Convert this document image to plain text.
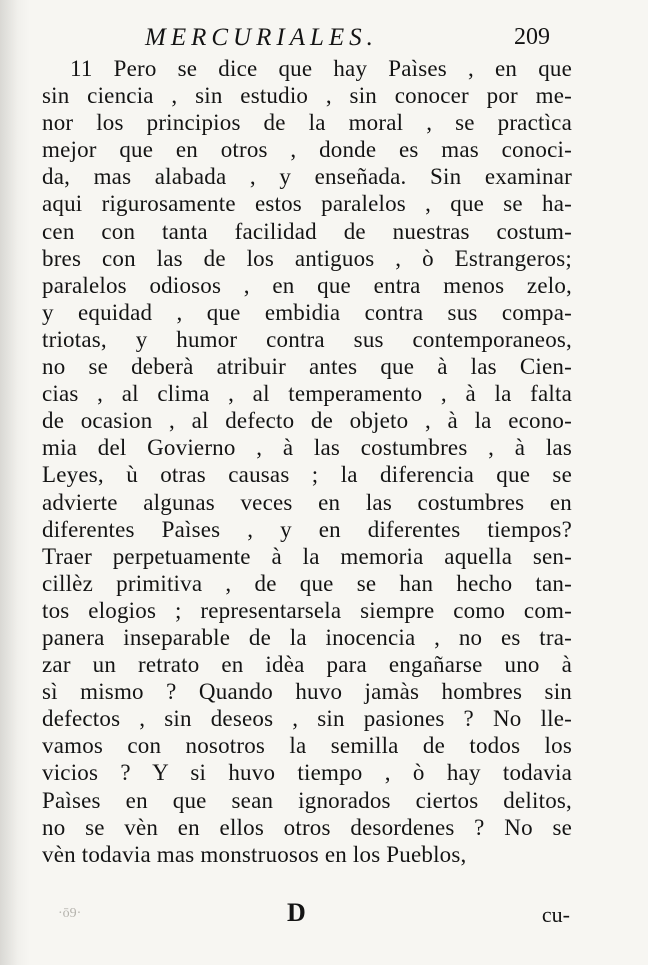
MERCURIALES.	209
11 Pero se dice que hay Paìses , en que
sin ciencia , sin estudio , sin conocer por me-
nor los principios de la moral , se practìca
mejor que en otros , donde es mas conoci-
da, mas alabada , y enseñada. Sin examinar
aqui rigurosamente estos paralelos , que se ha-
cen con tanta facilidad de nuestras costum-
bres con las de los antiguos , ò Estrangeros;
paralelos odiosos , en que entra menos zelo,
y equidad , que embidia contra sus compa-
triotas, y humor contra sus contemporaneos,
no se deberà atribuir antes que à las Cien-
cias , al clima , al temperamento , à la falta
de ocasion , al defecto de objeto , à la econo-
mia del Govierno , à las costumbres , à las
Leyes, ù otras causas ; la diferencia que se
advierte algunas veces en las costumbres en
diferentes Paìses , y en diferentes tiempos?
Traer perpetuamente à la memoria aquella sen-
cillèz primitiva , de que se han hecho tan-
tos elogios ; representarsela siempre como com-
panera inseparable de la inocencia , no es tra-
zar un retrato en idèa para engañarse uno à
sì mismo ? Quando huvo jamàs hombres sin
defectos , sin deseos , sin pasiones ? No lle-
vamos con nosotros la semilla de todos los
vicios ? Y si huvo tiempo , ò hay todavia
Paìses en que sean ignorados ciertos delitos,
no se vèn en ellos otros desordenes ? No se
vèn todavia mas monstruosos en los Pueblos,
·ō9·	D	cu-
